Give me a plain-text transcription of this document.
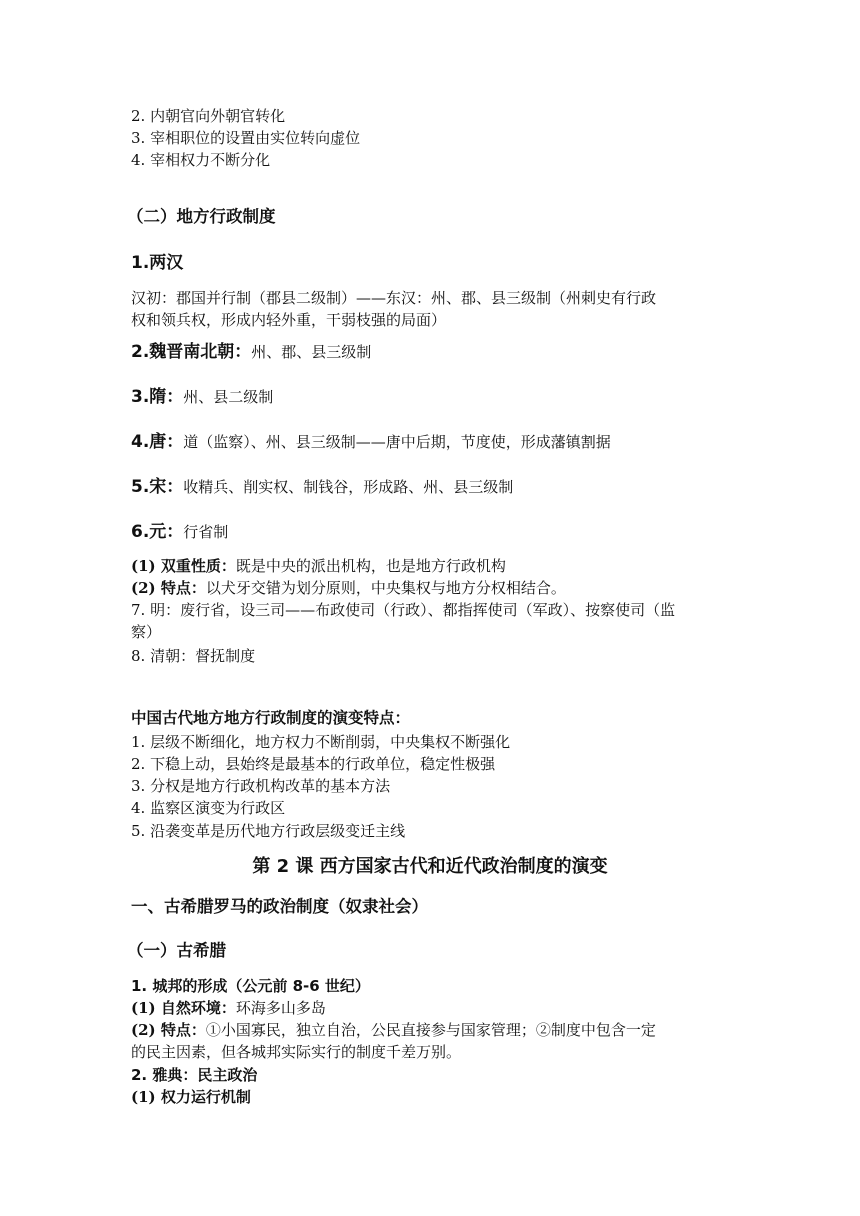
2. 内朝官向外朝官转化
3. 宰相职位的设置由实位转向虚位
4. 宰相权力不断分化
（二）地方行政制度
1.两汉
汉初：郡国并行制（郡县二级制）——东汉：州、郡、县三级制（州刺史有行政
权和领兵权，形成内轻外重，干弱枝强的局面）
2.魏晋南北朝：州、郡、县三级制
3.隋：州、县二级制
4.唐：道（监察）、州、县三级制——唐中后期，节度使，形成藩镇割据
5.宋：收精兵、削实权、制钱谷，形成路、州、县三级制
6.元：行省制
(1) 双重性质：既是中央的派出机构，也是地方行政机构
(2) 特点：以犬牙交错为划分原则，中央集权与地方分权相结合。
7. 明：废行省，设三司——布政使司（行政）、都指挥使司（军政）、按察使司（监
察）
8. 清朝：督抚制度
中国古代地方地方行政制度的演变特点：
1. 层级不断细化，地方权力不断削弱，中央集权不断强化
2. 下稳上动，县始终是最基本的行政单位，稳定性极强
3. 分权是地方行政机构改革的基本方法
4. 监察区演变为行政区
5. 沿袭变革是历代地方行政层级变迁主线
第 2 课 西方国家古代和近代政治制度的演变
一、古希腊罗马的政治制度（奴隶社会）
（一）古希腊
1. 城邦的形成（公元前 8-6 世纪）
(1) 自然环境：环海多山多岛
(2) 特点：①小国寡民，独立自治，公民直接参与国家管理；②制度中包含一定
的民主因素，但各城邦实际实行的制度千差万别。
2. 雅典：民主政治
(1) 权力运行机制
